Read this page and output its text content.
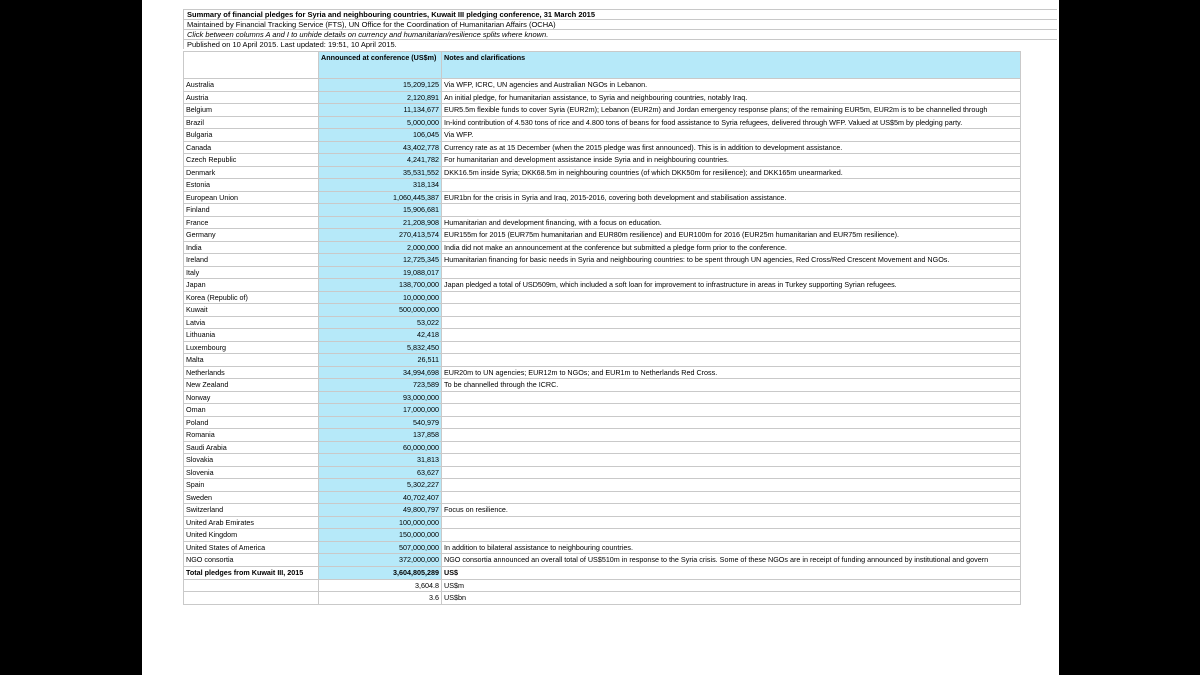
Summary of financial pledges for Syria and neighbouring countries, Kuwait III pledging conference, 31 March 2015
Maintained by Financial Tracking Service (FTS), UN Office for the Coordination of Humanitarian Affairs (OCHA)
Click between columns A and I to unhide details on currency and humanitarian/resilience splits where known.
Published on 10 April 2015. Last updated: 19:51, 10 April 2015.
	Announced at conference (US$m)	Notes and clarifications
Australia	15,209,125	Via WFP, ICRC, UN agencies and Australian NGOs in Lebanon.
Austria	2,120,891	An initial pledge, for humanitarian assistance, to Syria and neighbouring countries, notably Iraq.
Belgium	11,134,677	EUR5.5m flexible funds to cover Syria (EUR2m); Lebanon (EUR2m) and Jordan emergency response plans; of the remaining EUR5m, EUR2m is to be channelled through
Brazil	5,000,000	In-kind contribution of 4.530 tons of rice and 4.800 tons of beans for food assistance to Syria refugees, delivered through WFP. Valued at US$5m by pledging party.
Bulgaria	106,045	Via WFP.
Canada	43,402,778	Currency rate as at 15 December (when the 2015 pledge was first announced). This is in addition to development assistance.
Czech Republic	4,241,782	For humanitarian and development assistance inside Syria and in neighbouring countries.
Denmark	35,531,552	DKK16.5m inside Syria; DKK68.5m in neighbouring countries (of which DKK50m for resilience); and DKK165m unearmarked.
Estonia	318,134	
European Union	1,060,445,387	EUR1bn for the crisis in Syria and Iraq, 2015-2016, covering both development and stabilisation assistance.
Finland	15,906,681	
France	21,208,908	Humanitarian and development financing, with a focus on education.
Germany	270,413,574	EUR155m for 2015 (EUR75m humanitarian and EUR80m resilience) and EUR100m for 2016 (EUR25m humanitarian and EUR75m resilience).
India	2,000,000	India did not make an announcement at the conference but submitted a pledge form prior to the conference.
Ireland	12,725,345	Humanitarian financing for basic needs in Syria and neighbouring countries: to be spent through UN agencies, Red Cross/Red Crescent Movement and NGOs.
Italy	19,088,017	
Japan	138,700,000	Japan pledged a total of USD509m, which included a soft loan for improvement to infrastructure in areas in Turkey supporting Syrian refugees.
Korea (Republic of)	10,000,000	
Kuwait	500,000,000	
Latvia	53,022	
Lithuania	42,418	
Luxembourg	5,832,450	
Malta	26,511	
Netherlands	34,994,698	EUR20m to UN agencies; EUR12m to NGOs; and EUR1m to Netherlands Red Cross.
New Zealand	723,589	To be channelled through the ICRC.
Norway	93,000,000	
Oman	17,000,000	
Poland	540,979	
Romania	137,858	
Saudi Arabia	60,000,000	
Slovakia	31,813	
Slovenia	63,627	
Spain	5,302,227	
Sweden	40,702,407	
Switzerland	49,800,797	Focus on resilience.
United Arab Emirates	100,000,000	
United Kingdom	150,000,000	
United States of America	507,000,000	In addition to bilateral assistance to neighbouring countries.
NGO consortia	372,000,000	NGO consortia announced an overall total of US$510m in response to the Syria crisis. Some of these NGOs are in receipt of funding announced by institutional and govern
Total pledges from Kuwait III, 2015	3,604,805,289	US$
	3,604.8	US$m
	3.6	US$bn
